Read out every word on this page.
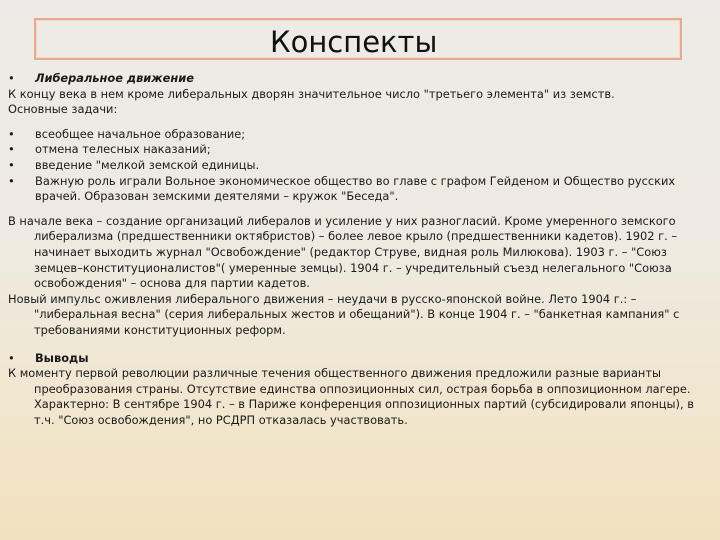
Конспекты

• Либеральное движение

К концу века в нем кроме либеральных дворян значительное число "третьего элемента" из земств.

Основные задачи:

• всеобщее начальное образование;
• отмена телесных наказаний;
• введение "мелкой земской единицы.
• Важную роль играли Вольное экономическое общество во главе с графом Гейденом и Общество русских врачей. Образован земскими деятелями – кружок "Беседа".

В начале века – создание организаций либералов и усиление у них разногласий. Кроме умеренного земского либерализма (предшественники октябристов) – более левое крыло (предшественники кадетов). 1902 г. – начинает выходить журнал "Освобождение" (редактор Струве, видная роль Милюкова). 1903 г. – "Союз земцев–конституционалистов"( умеренные земцы). 1904 г. – учредительный съезд нелегального "Союза освобождения" – основа для партии кадетов.

Новый импульс оживления либерального движения – неудачи в русско-японской войне. Лето 1904 г.: – "либеральная весна" (серия либеральных жестов и обещаний"). В конце 1904 г. – "банкетная кампания" с требованиями конституционных реформ.

• Выводы

К моменту первой революции различные течения общественного движения предложили разные варианты преобразования страны. Отсутствие единства оппозиционных сил, острая борьба в оппозиционном лагере. Характерно: В сентябре 1904 г. – в Париже конференция оппозиционных партий (субсидировали японцы), в т.ч. "Союз освобождения", но РСДРП отказалась участвовать.
